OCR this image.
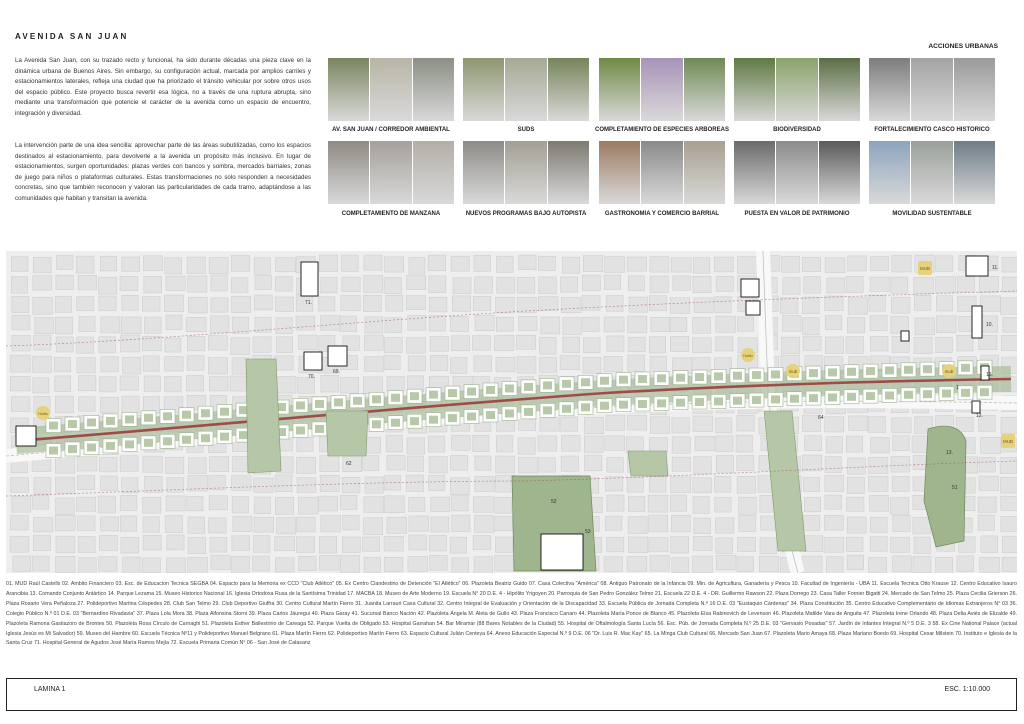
AVENIDA SAN JUAN

La Avenida San Juan, con su trazado recto y funcional, ha sido durante décadas una pieza clave en la dinámica urbana de Buenos Aires. Sin embargo, su configuración actual, marcada por amplios carriles y estacionamientos laterales, refleja una ciudad que ha priorizado el tránsito vehicular por sobre otros usos del espacio público. Este proyecto busca revertir esa lógica, no a través de una ruptura abrupta, sino mediante una transformación que potencie el carácter de la avenida como un espacio de encuentro, integración y diversidad.

La intervención parte de una idea sencilla: aprovechar parte de las áreas subutilizadas, como los espacios destinados al estacionamiento, para devolverle a la avenida un propósito más inclusivo. En lugar de estacionamientos, surgen oportunidades: plazas verdes con bancos y sombra, mercados barriales, zonas de juego para niños o plataformas culturales. Estas transformaciones no solo responden a necesidades concretas, sino que también reconocen y valoran las particularidades de cada tramo, adaptándose a las comunidades que habitan y transitan la avenida.

ACCIONES URBANAS
AV. SAN JUAN / CORREDOR AMBIENTAL	SUDS	COMPLETAMIENTO DE ESPECIES ARBOREAS	BIODIVERSIDAD	FORTALECIMIENTO CASCO HISTORICO
COMPLETAMIENTO DE MANZANA	NUEVOS PROGRAMAS BAJO AUTOPISTA	GASTRONOMIA Y COMERCIO BARRIAL	PUESTA EN VALOR DE PATRIMONIO	MOVILIDAD SUSTENTABLE
71.
70.
69.
11.
10.
16.
12.
13.
51
52
53
62
64
1
MUB
mub	mub
MUB
Hutitu
Hutitu

01. MUD Raúl Castells 02. Ambito Financiero 03. Esc. de Educacion Tecnica SEGBA 04. Espacio para la Memoria ex CCD "Club Atlético" 05. Ex Centro Clandestino de Detención "El Atlético" 06. Plazoleta Beatriz Guido 07. Casa Colectiva "América" 08. Antiguo Patronato de la Infancia 09. Min. de Agricultura, Ganadería y Pesca 10. Facultad de Ingeniería - UBA 11. Escuela Tecnica Otto Krause 12. Centro Educativo Isauro Arancibia 13. Comando Conjunto Antártico 14. Parque Lezama 15. Museo Historico Nacional 16. Iglesia Ortodoxa Rusa de la Santísima Trinidad 17. MACBA 18. Museo de Arte Moderno 19. Escuela N° 20 D.E. 4 - Hipólito Yrigoyen 20. Parroquia de San Pedro González Telmo 21. Escuela 22 D.E. 4 - DR. Guillermo Rawson 22. Plaza Dorrego 23. Casa Taller Fornier Bigatti 24. Mercado de San Telmo 25. Plaza Cecilia Grierson 26. Plaza Rosario Vera Peñaloza 27. Polideportivo Martina Céspedes 28. Club San Telmo 29. Club Deportivo Giuffra 30. Centro Cultural Martín Fierro 31. Juanita Larrauri Casa Cultural 32. Centro Integral de Evaluación y Orientación de la Discapacidad 33. Escuela Pública de Jornada Completa N.º 16 D.E. 03 "Eustaquio Cárdenas" 34. Plaza Constitución 35. Centro Educativo Complementario de Idiomas Extranjeros N° 03 36. Colegio Público N.º 01 D.E. 03 "Bernardino Rivadavia" 37. Plaza Lola Mora 38. Plaza Alfonsina Storni 39. Plaza Carlos Jáuregui 40. Plaza Garay 41. Sucursal Banco Nación 42. Plazoleta Ángela M. Aleta de Gullo 43. Plaza Francisco Canaro 44. Plazoleta María Ponce de Blanco 45. Plazoleta Elsa Rabinovich de Levenson 46. Plazoleta Matilde Vara de Anguita 47. Plazoleta Irene Orlando 48. Plaza Delia Aviés de Elizalde 49. Plazoleta Ramona Gastiazoro de Brontes 50. Plazoleta Rosa Círculo de Carnaghi 51. Plazoleta Esther Ballestrino de Careaga 52. Parque Vuelta de Obligado 53. Hospital Garrahan 54. Bar Miramar (88 Bares Notables de la Ciudad) 55. Hospital de Oftalmología Santa Lucía 56. Esc. Púb. de Jornada Completa N.º 25 D.E. 03 "Gervasio Posadas" 57. Jardín de Infantes Integral N.º 5 D.E. 3 58. Ex Cine National Palace (actual Iglesia Jesús es Mi Salvador) 59. Museo del Hambre 60. Escuela Técnica Nº11 y Polideportivo Manuel Belgrano 61. Plaza Martín Fierro 62. Polideportivo Martín Fierro 63. Espacio Cultural Julián Centeya 64. Anexo Educación Especial N.º 9 D.E. 06 "Dr. Luis R. Mac Kay" 65. La Minga Club Cultural 66. Mercado San Juan 67. Plazoleta Mario Amaya 68. Plaza Mariano Boedo 69. Hospital Cesar Milstein 70. Instituto e Iglesia de la Santa Cruz 71. Hospital General de Agudos José María Ramos Mejía 72. Escuela Primaria Común N° 06 - San José de Calasanz

LAMINA 1	ESC. 1:10.000
